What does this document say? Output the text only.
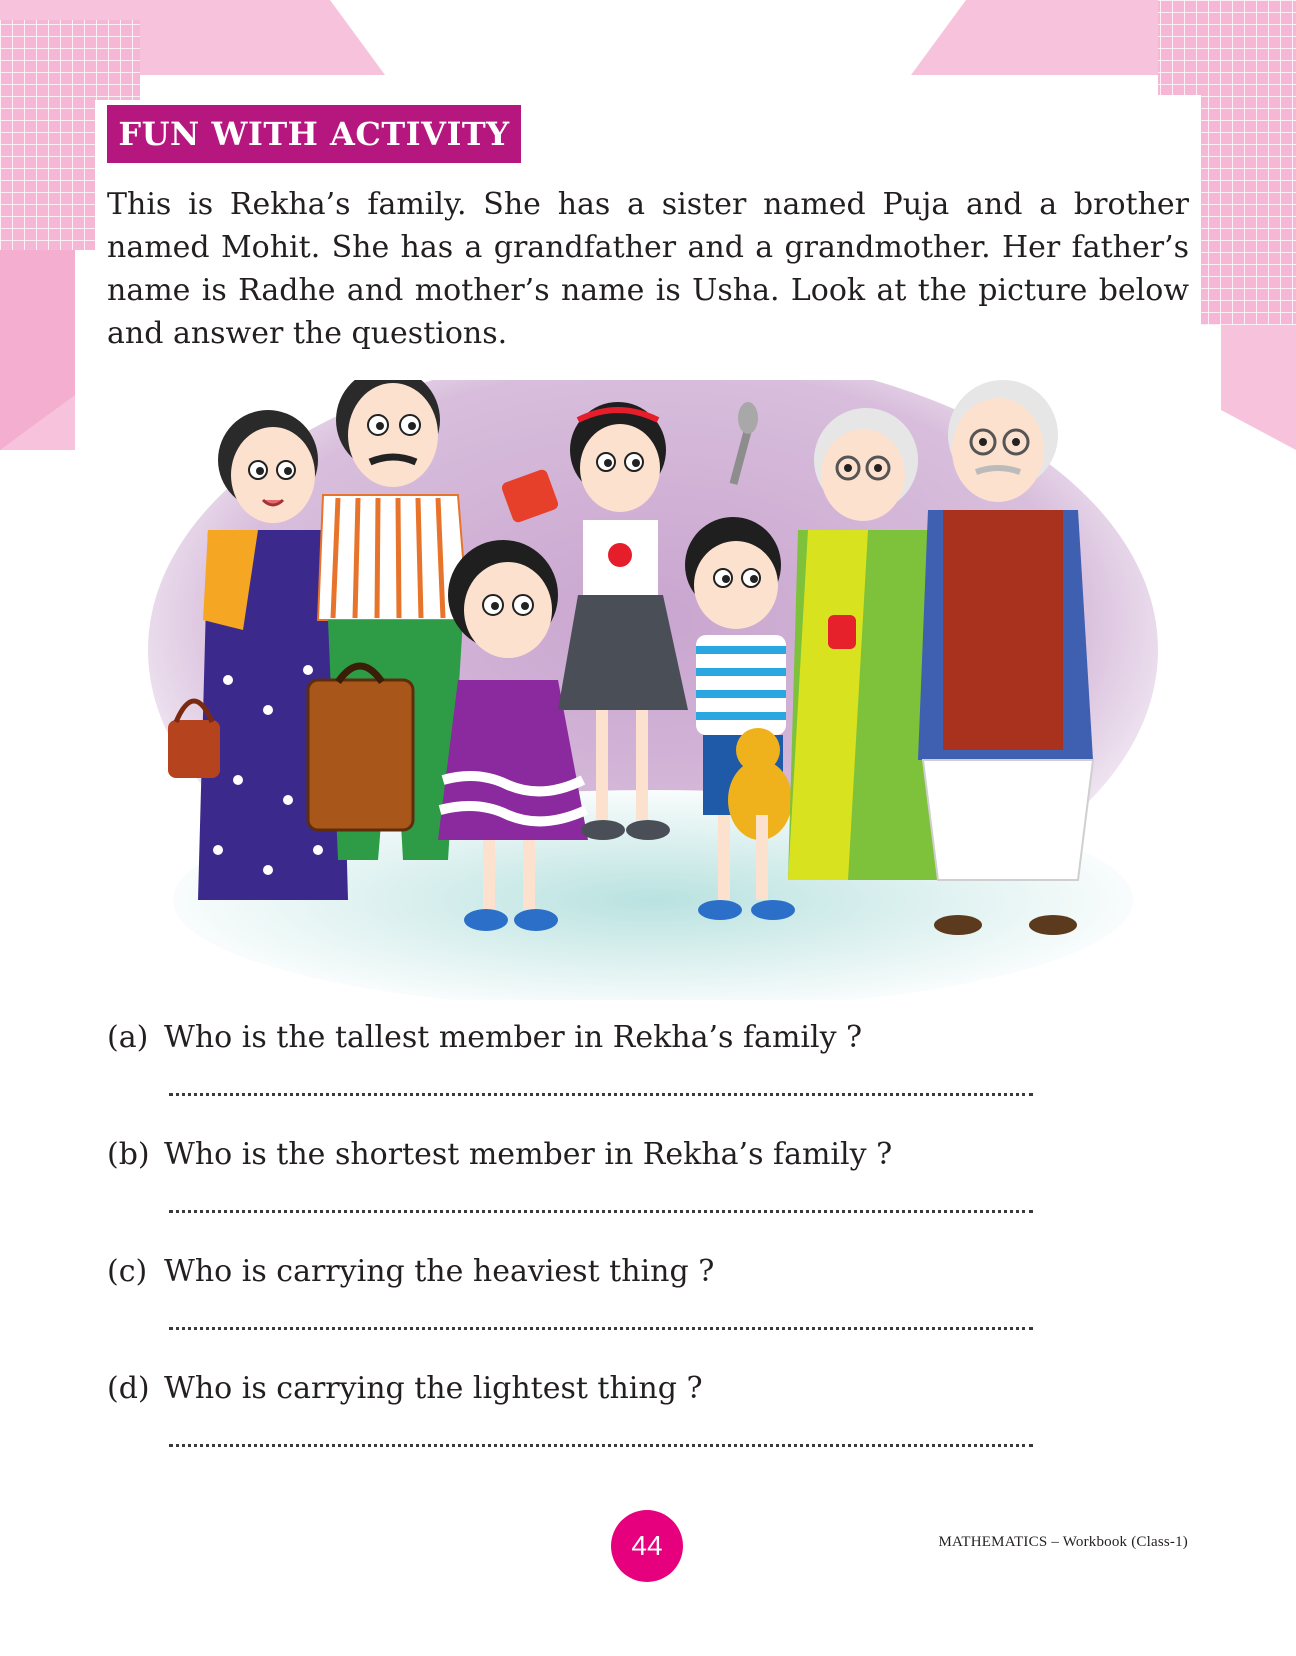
FUN WITH ACTIVITY

This is Rekha’s family. She has a sister named Puja and a brother named Mohit. She has a grandfather and a grandmother. Her father’s name is Radhe and mother’s name is Usha. Look at the picture below and answer the questions.

(a) Who is the tallest member in Rekha’s family ?
(b) Who is the shortest member in Rekha’s family ?
(c) Who is carrying the heaviest thing ?
(d) Who is carrying the lightest thing ?
44	MATHEMATICS – Workbook (Class-1)
